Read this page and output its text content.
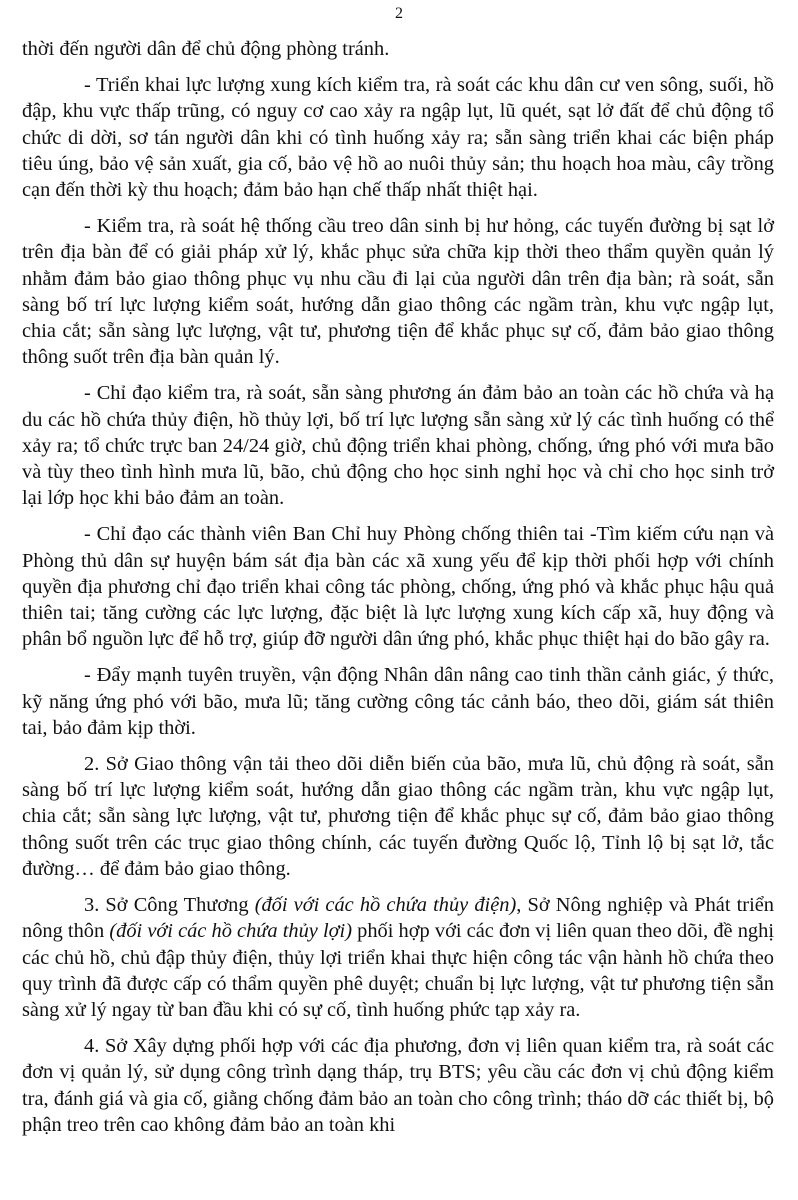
2

thời đến người dân để chủ động phòng tránh.

- Triển khai lực lượng xung kích kiểm tra, rà soát các khu dân cư ven sông, suối, hồ đập, khu vực thấp trũng, có nguy cơ cao xảy ra ngập lụt, lũ quét, sạt lở đất để chủ động tổ chức di dời, sơ tán người dân khi có tình huống xảy ra; sẵn sàng triển khai các biện pháp tiêu úng, bảo vệ sản xuất, gia cố, bảo vệ hồ ao nuôi thủy sản; thu hoạch hoa màu, cây trồng cạn đến thời kỳ thu hoạch; đảm bảo hạn chế thấp nhất thiệt hại.

- Kiểm tra, rà soát hệ thống cầu treo dân sinh bị hư hỏng, các tuyến đường bị sạt lở trên địa bàn để có giải pháp xử lý, khắc phục sửa chữa kịp thời theo thẩm quyền quản lý nhằm đảm bảo giao thông phục vụ nhu cầu đi lại của người dân trên địa bàn; rà soát, sẵn sàng bố trí lực lượng kiểm soát, hướng dẫn giao thông các ngầm tràn, khu vực ngập lụt, chia cắt; sẵn sàng lực lượng, vật tư, phương tiện để khắc phục sự cố, đảm bảo giao thông thông suốt trên địa bàn quản lý.

- Chỉ đạo kiểm tra, rà soát, sẵn sàng phương án đảm bảo an toàn các hồ chứa và hạ du các hồ chứa thủy điện, hồ thủy lợi, bố trí lực lượng sẵn sàng xử lý các tình huống có thể xảy ra; tổ chức trực ban 24/24 giờ, chủ động triển khai phòng, chống, ứng phó với mưa bão và tùy theo tình hình mưa lũ, bão, chủ động cho học sinh nghỉ học và chỉ cho học sinh trở lại lớp học khi bảo đảm an toàn.

- Chỉ đạo các thành viên Ban Chỉ huy Phòng chống thiên tai -Tìm kiếm cứu nạn và Phòng thủ dân sự huyện bám sát địa bàn các xã xung yếu để kịp thời phối hợp với chính quyền địa phương chỉ đạo triển khai công tác phòng, chống, ứng phó và khắc phục hậu quả thiên tai; tăng cường các lực lượng, đặc biệt là lực lượng xung kích cấp xã, huy động và phân bổ nguồn lực để hỗ trợ, giúp đỡ người dân ứng phó, khắc phục thiệt hại do bão gây ra.

- Đẩy mạnh tuyên truyền, vận động Nhân dân nâng cao tinh thần cảnh giác, ý thức, kỹ năng ứng phó với bão, mưa lũ; tăng cường công tác cảnh báo, theo dõi, giám sát thiên tai, bảo đảm kịp thời.

2. Sở Giao thông vận tải theo dõi diễn biến của bão, mưa lũ, chủ động rà soát, sẵn sàng bố trí lực lượng kiểm soát, hướng dẫn giao thông các ngầm tràn, khu vực ngập lụt, chia cắt; sẵn sàng lực lượng, vật tư, phương tiện để khắc phục sự cố, đảm bảo giao thông thông suốt trên các trục giao thông chính, các tuyến đường Quốc lộ, Tỉnh lộ bị sạt lở, tắc đường… để đảm bảo giao thông.

3. Sở Công Thương (đối với các hồ chứa thủy điện), Sở Nông nghiệp và Phát triển nông thôn (đối với các hồ chứa thủy lợi) phối hợp với các đơn vị liên quan theo dõi, đề nghị các chủ hồ, chủ đập thủy điện, thủy lợi triển khai thực hiện công tác vận hành hồ chứa theo quy trình đã được cấp có thẩm quyền phê duyệt; chuẩn bị lực lượng, vật tư phương tiện sẵn sàng xử lý ngay từ ban đầu khi có sự cố, tình huống phức tạp xảy ra.

4. Sở Xây dựng phối hợp với các địa phương, đơn vị liên quan kiểm tra, rà soát các đơn vị quản lý, sử dụng công trình dạng tháp, trụ BTS; yêu cầu các đơn vị chủ động kiểm tra, đánh giá và gia cố, giằng chống đảm bảo an toàn cho công trình; tháo dỡ các thiết bị, bộ phận treo trên cao không đảm bảo an toàn khi
